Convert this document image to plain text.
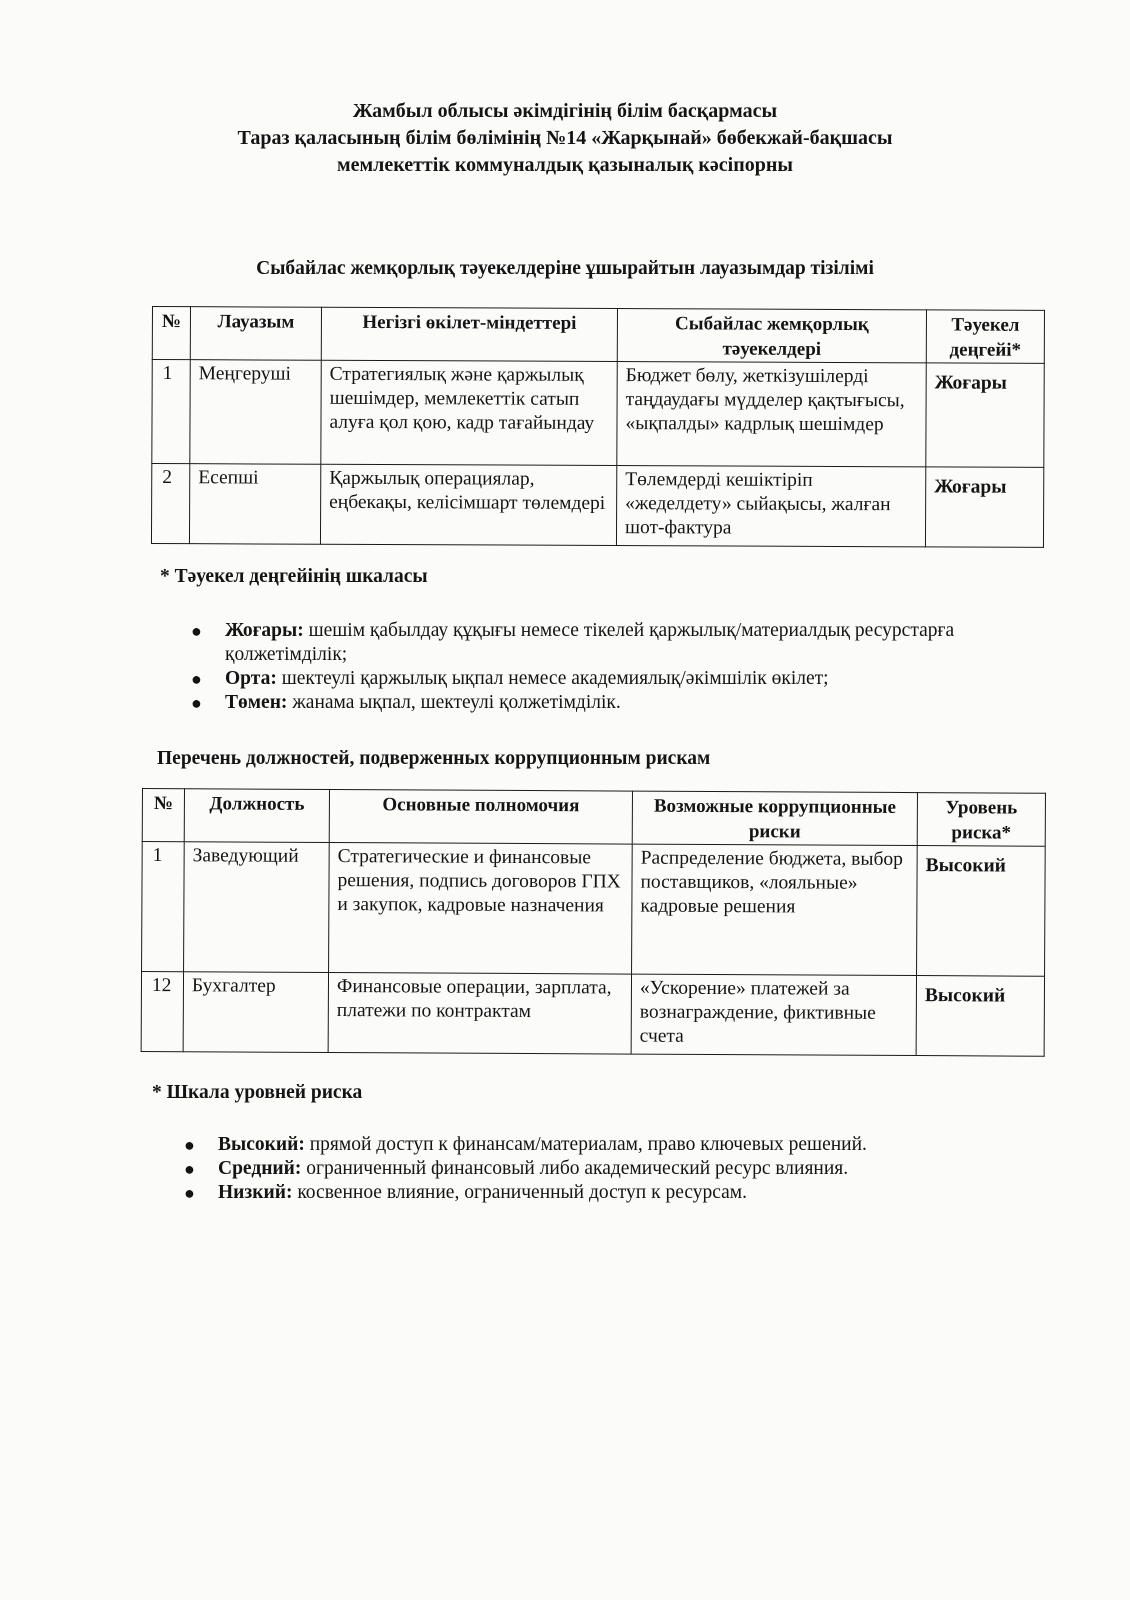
Жамбыл облысы әкімдігінің білім басқармасы
Тараз қаласының білім бөлімінің №14 «Жарқынай» бөбекжай-бақшасы
мемлекеттік коммуналдық қазыналық кәсіпорны
Сыбайлас жемқорлық тәуекелдеріне ұшырайтын лауазымдар тізілімі
№	Лауазым	Негізгі өкілет-міндеттері	Сыбайлас жемқорлық тәуекелдері	Тәуекел деңгейі*
1	Меңгеруші	Стратегиялық және қаржылық шешімдер, мемлекеттік сатып алуға қол қою, кадр тағайындау	Бюджет бөлу, жеткізушілерді таңдаудағы мүдделер қақтығысы, «ықпалды» кадрлық шешімдер	Жоғары
2	Есепші	Қаржылық операциялар, еңбекақы, келісімшарт төлемдері	Төлемдерді кешіктіріп «жеделдету» сыйақысы, жалған шот-фактура	Жоғары
* Тәуекел деңгейінің шкаласы
● Жоғары: шешім қабылдау құқығы немесе тікелей қаржылық/материалдық ресурстарға қолжетімділік;
● Орта: шектеулі қаржылық ықпал немесе академиялық/әкімшілік өкілет;
● Төмен: жанама ықпал, шектеулі қолжетімділік.
Перечень должностей, подверженных коррупционным рискам
№	Должность	Основные полномочия	Возможные коррупционные риски	Уровень риска*
1	Заведующий	Стратегические и финансовые решения, подпись договоров ГПХ и закупок, кадровые назначения	Распределение бюджета, выбор поставщиков, «лояльные» кадровые решения	Высокий
12	Бухгалтер	Финансовые операции, зарплата, платежи по контрактам	«Ускорение» платежей за вознаграждение, фиктивные счета	Высокий
* Шкала уровней риска
● Высокий: прямой доступ к финансам/материалам, право ключевых решений.
● Средний: ограниченный финансовый либо академический ресурс влияния.
● Низкий: косвенное влияние, ограниченный доступ к ресурсам.
